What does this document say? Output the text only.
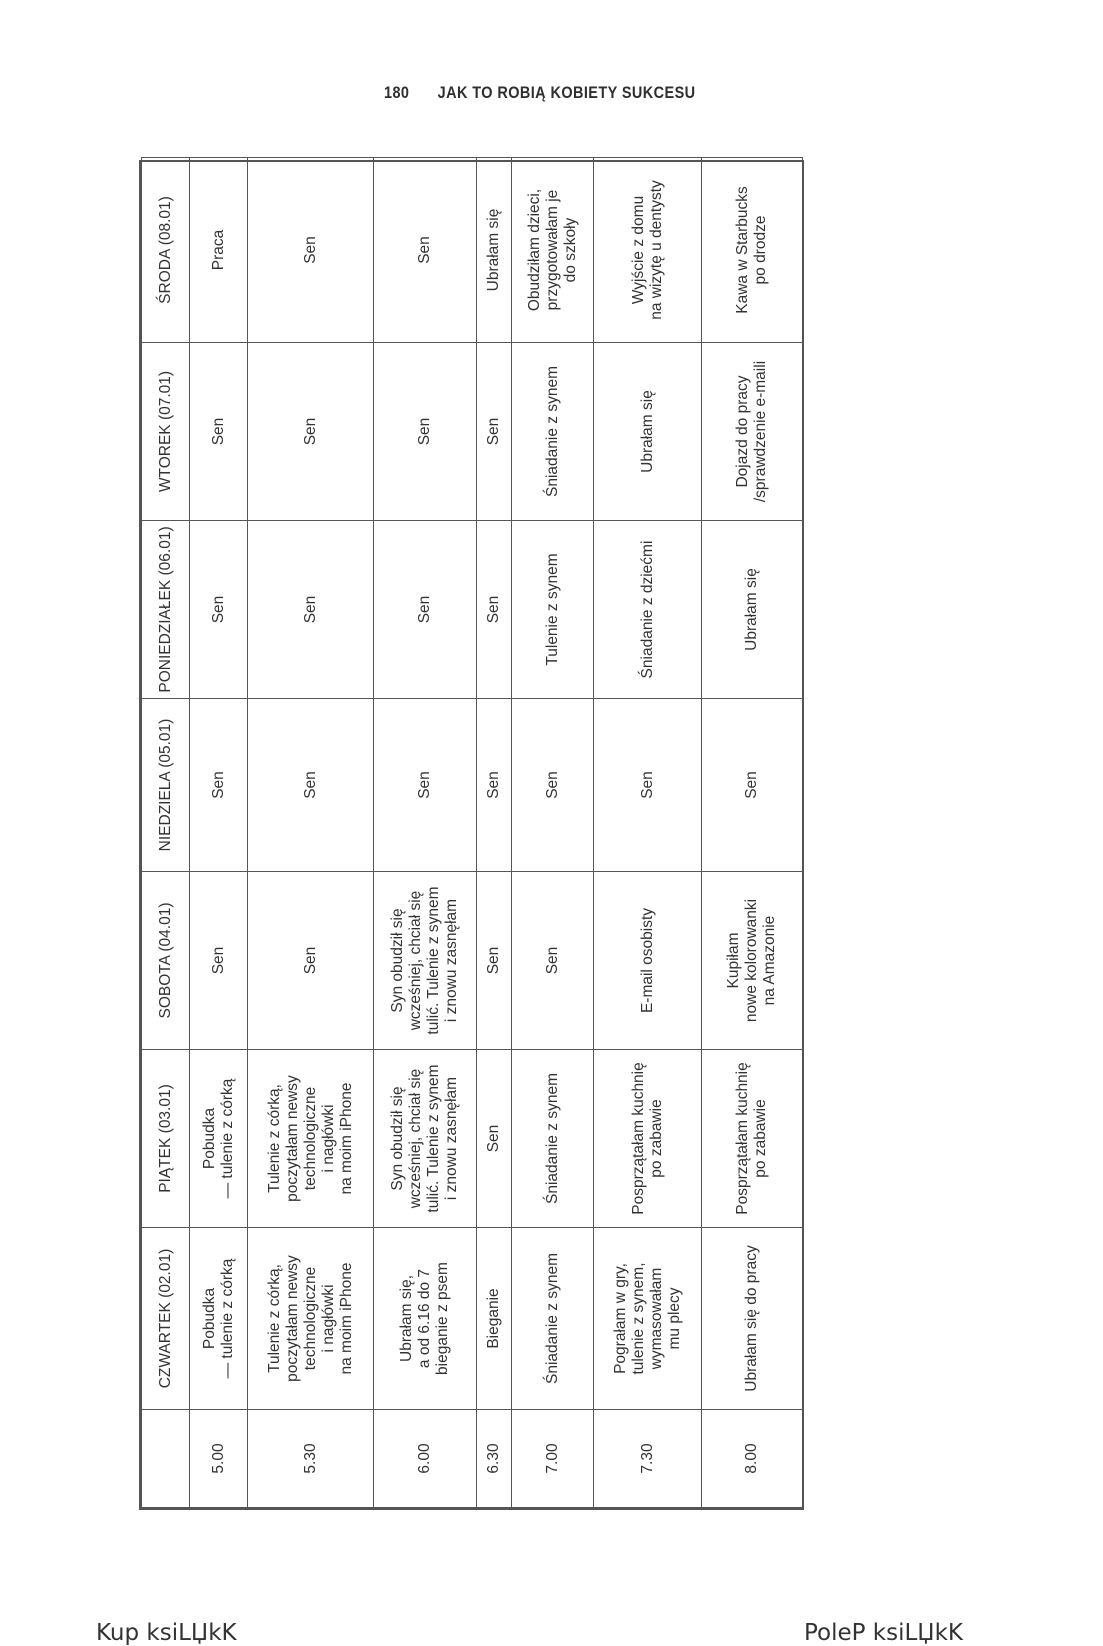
180 JAK TO ROBIĄ KOBIETY SUKCESU
	CZWARTEK (02.01)	PIĄTEK (03.01)	SOBOTA (04.01)	NIEDZIELA (05.01)	PONIEDZIAŁEK (06.01)	WTOREK (07.01)	ŚRODA (08.01)
5.00	Pobudka
— tulenie z córką	Pobudka
— tulenie z córką	Sen	Sen	Sen	Sen	Praca
5.30	Tulenie z córką,
poczytałam newsy
technologiczne
i nagłówki
na moim iPhone	Tulenie z córką,
poczytałam newsy
technologiczne
i nagłówki
na moim iPhone	Sen	Sen	Sen	Sen	Sen
6.00	Ubrałam się,
a od 6.16 do 7
bieganie z psem	Syn obudził się
wcześniej, chciał się
tulić. Tulenie z synem
i znowu zasnęłam	Syn obudził się
wcześniej, chciał się
tulić. Tulenie z synem
i znowu zasnęłam	Sen	Sen	Sen	Sen
6.30	Bieganie	Sen	Sen	Sen	Sen	Sen	Ubrałam się
7.00	Śniadanie z synem	Śniadanie z synem	Sen	Sen	Tulenie z synem	Śniadanie z synem	Obudziłam dzieci,
przygotowałam je
do szkoły
7.30	Pograłam w gry,
tulenie z synem,
wymasowałam
mu plecy	Posprzątałam kuchnię
po zabawie	E-mail osobisty	Sen	Śniadanie z dziećmi	Ubrałam się	Wyjście z domu
na wizytę u dentysty
8.00	Ubrałam się do pracy	Posprzątałam kuchnię
po zabawie	Kupiłam
nowe kolorowanki
na Amazonie	Sen	Ubrałam się	Dojazd do pracy
/sprawdzenie e-maili	Kawa w Starbucks
po drodze
Kup ksiLЏkK	PoleP ksiLЏkK
